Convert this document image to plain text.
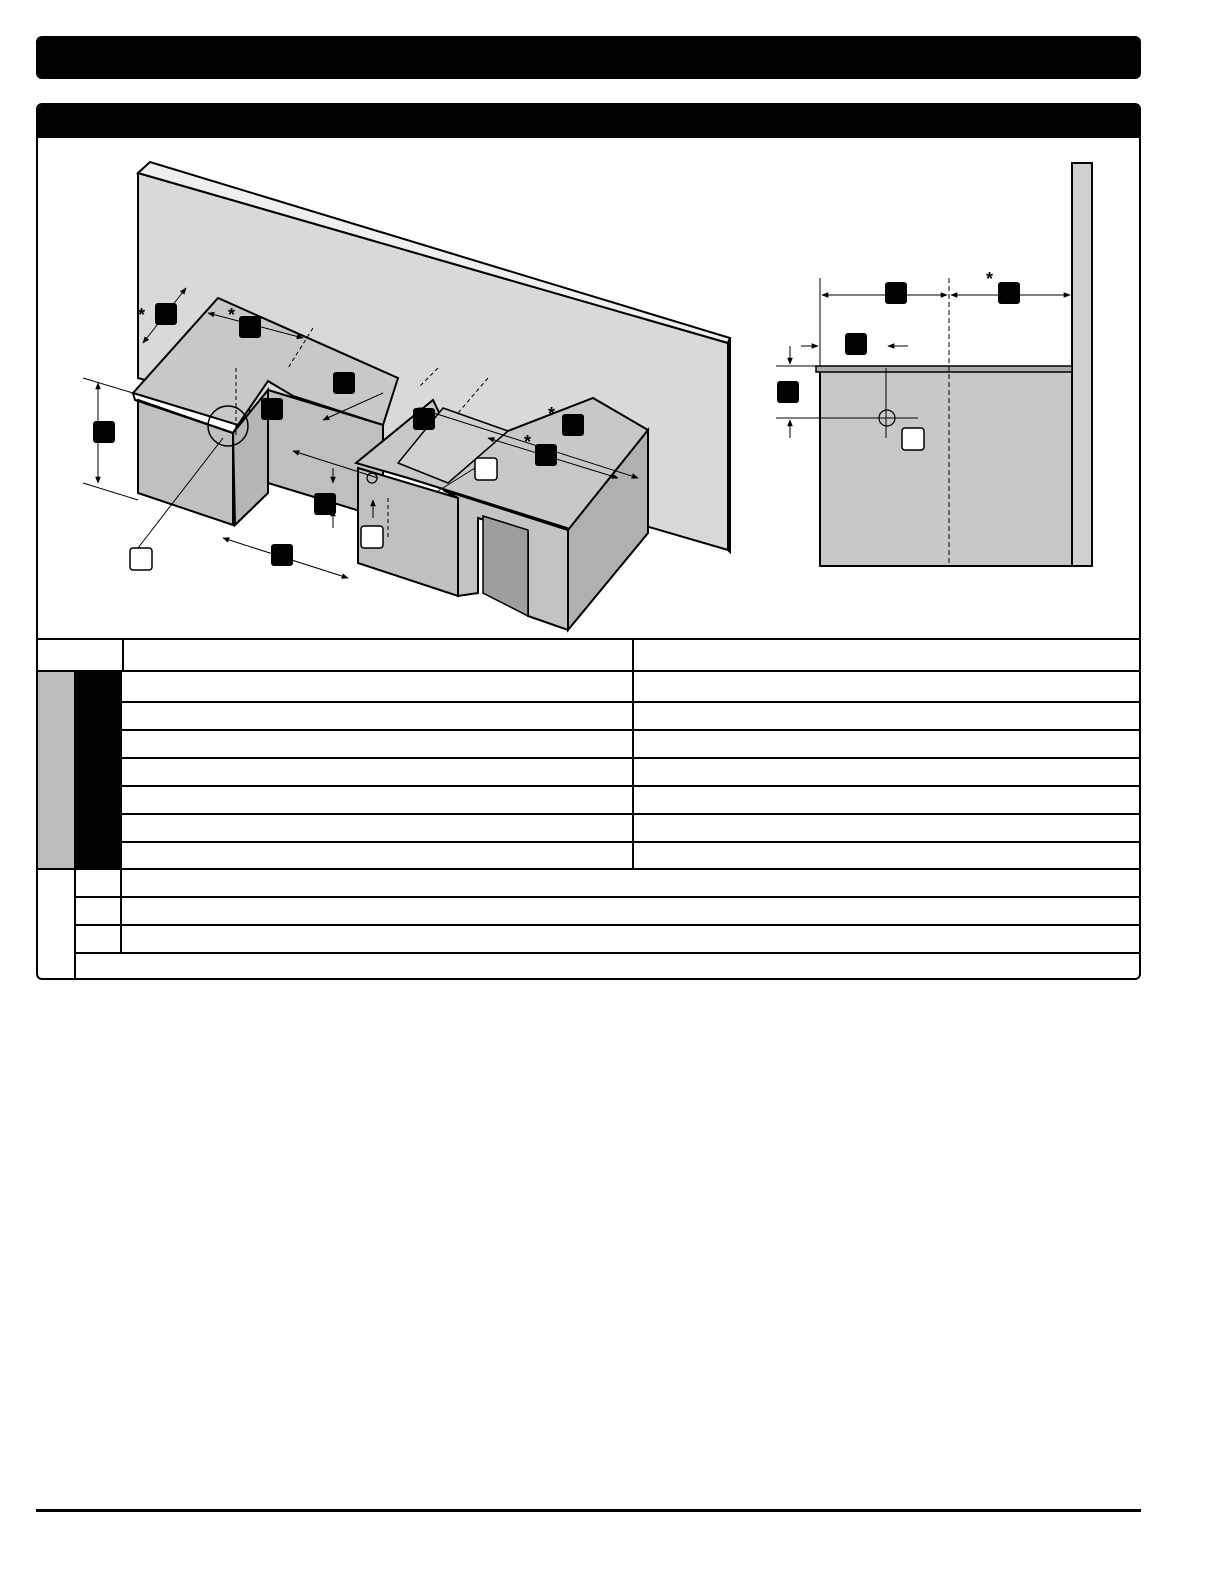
*	*
*
*
*
